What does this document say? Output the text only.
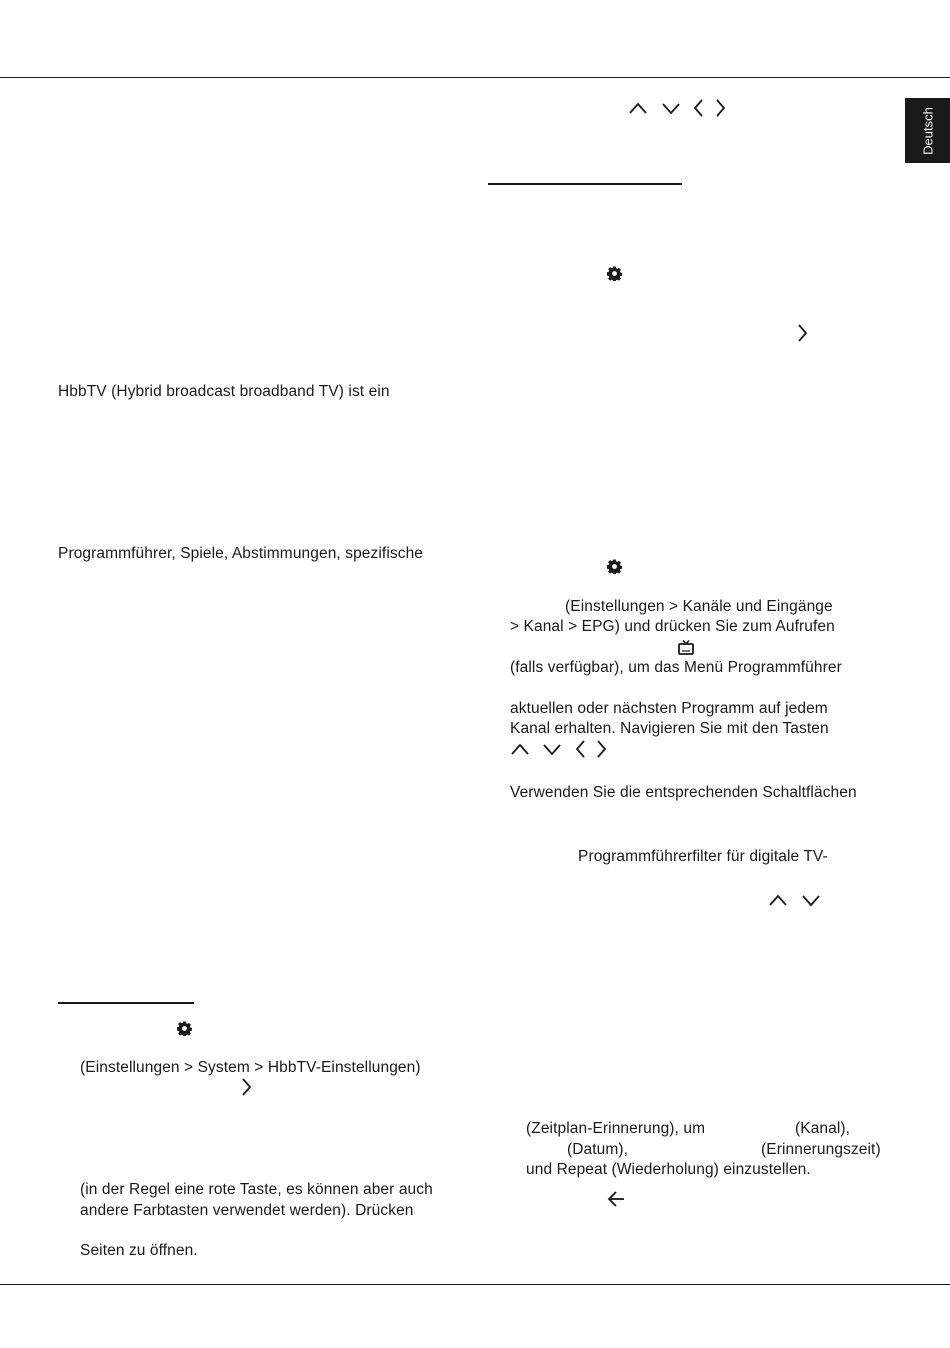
Deutsch
HbbTV (Hybrid broadcast broadband TV) ist ein
Programmführer, Spiele, Abstimmungen, spezifische
(Einstellungen > Kanäle und Eingänge
> Kanal > EPG) und drücken Sie zum Aufrufen
(falls verfügbar), um das Menü Programmführer
aktuellen oder nächsten Programm auf jedem
Kanal erhalten. Navigieren Sie mit den Tasten
Verwenden Sie die entsprechenden Schaltflächen
Programmführerfilter für digitale TV-
(Einstellungen > System > HbbTV-Einstellungen)
(in der Regel eine rote Taste, es können aber auch
andere Farbtasten verwendet werden). Drücken
Seiten zu öffnen.
(Zeitplan-Erinnerung), um	(Kanal),
(Datum),	(Erinnerungszeit)
und Repeat (Wiederholung) einzustellen.
